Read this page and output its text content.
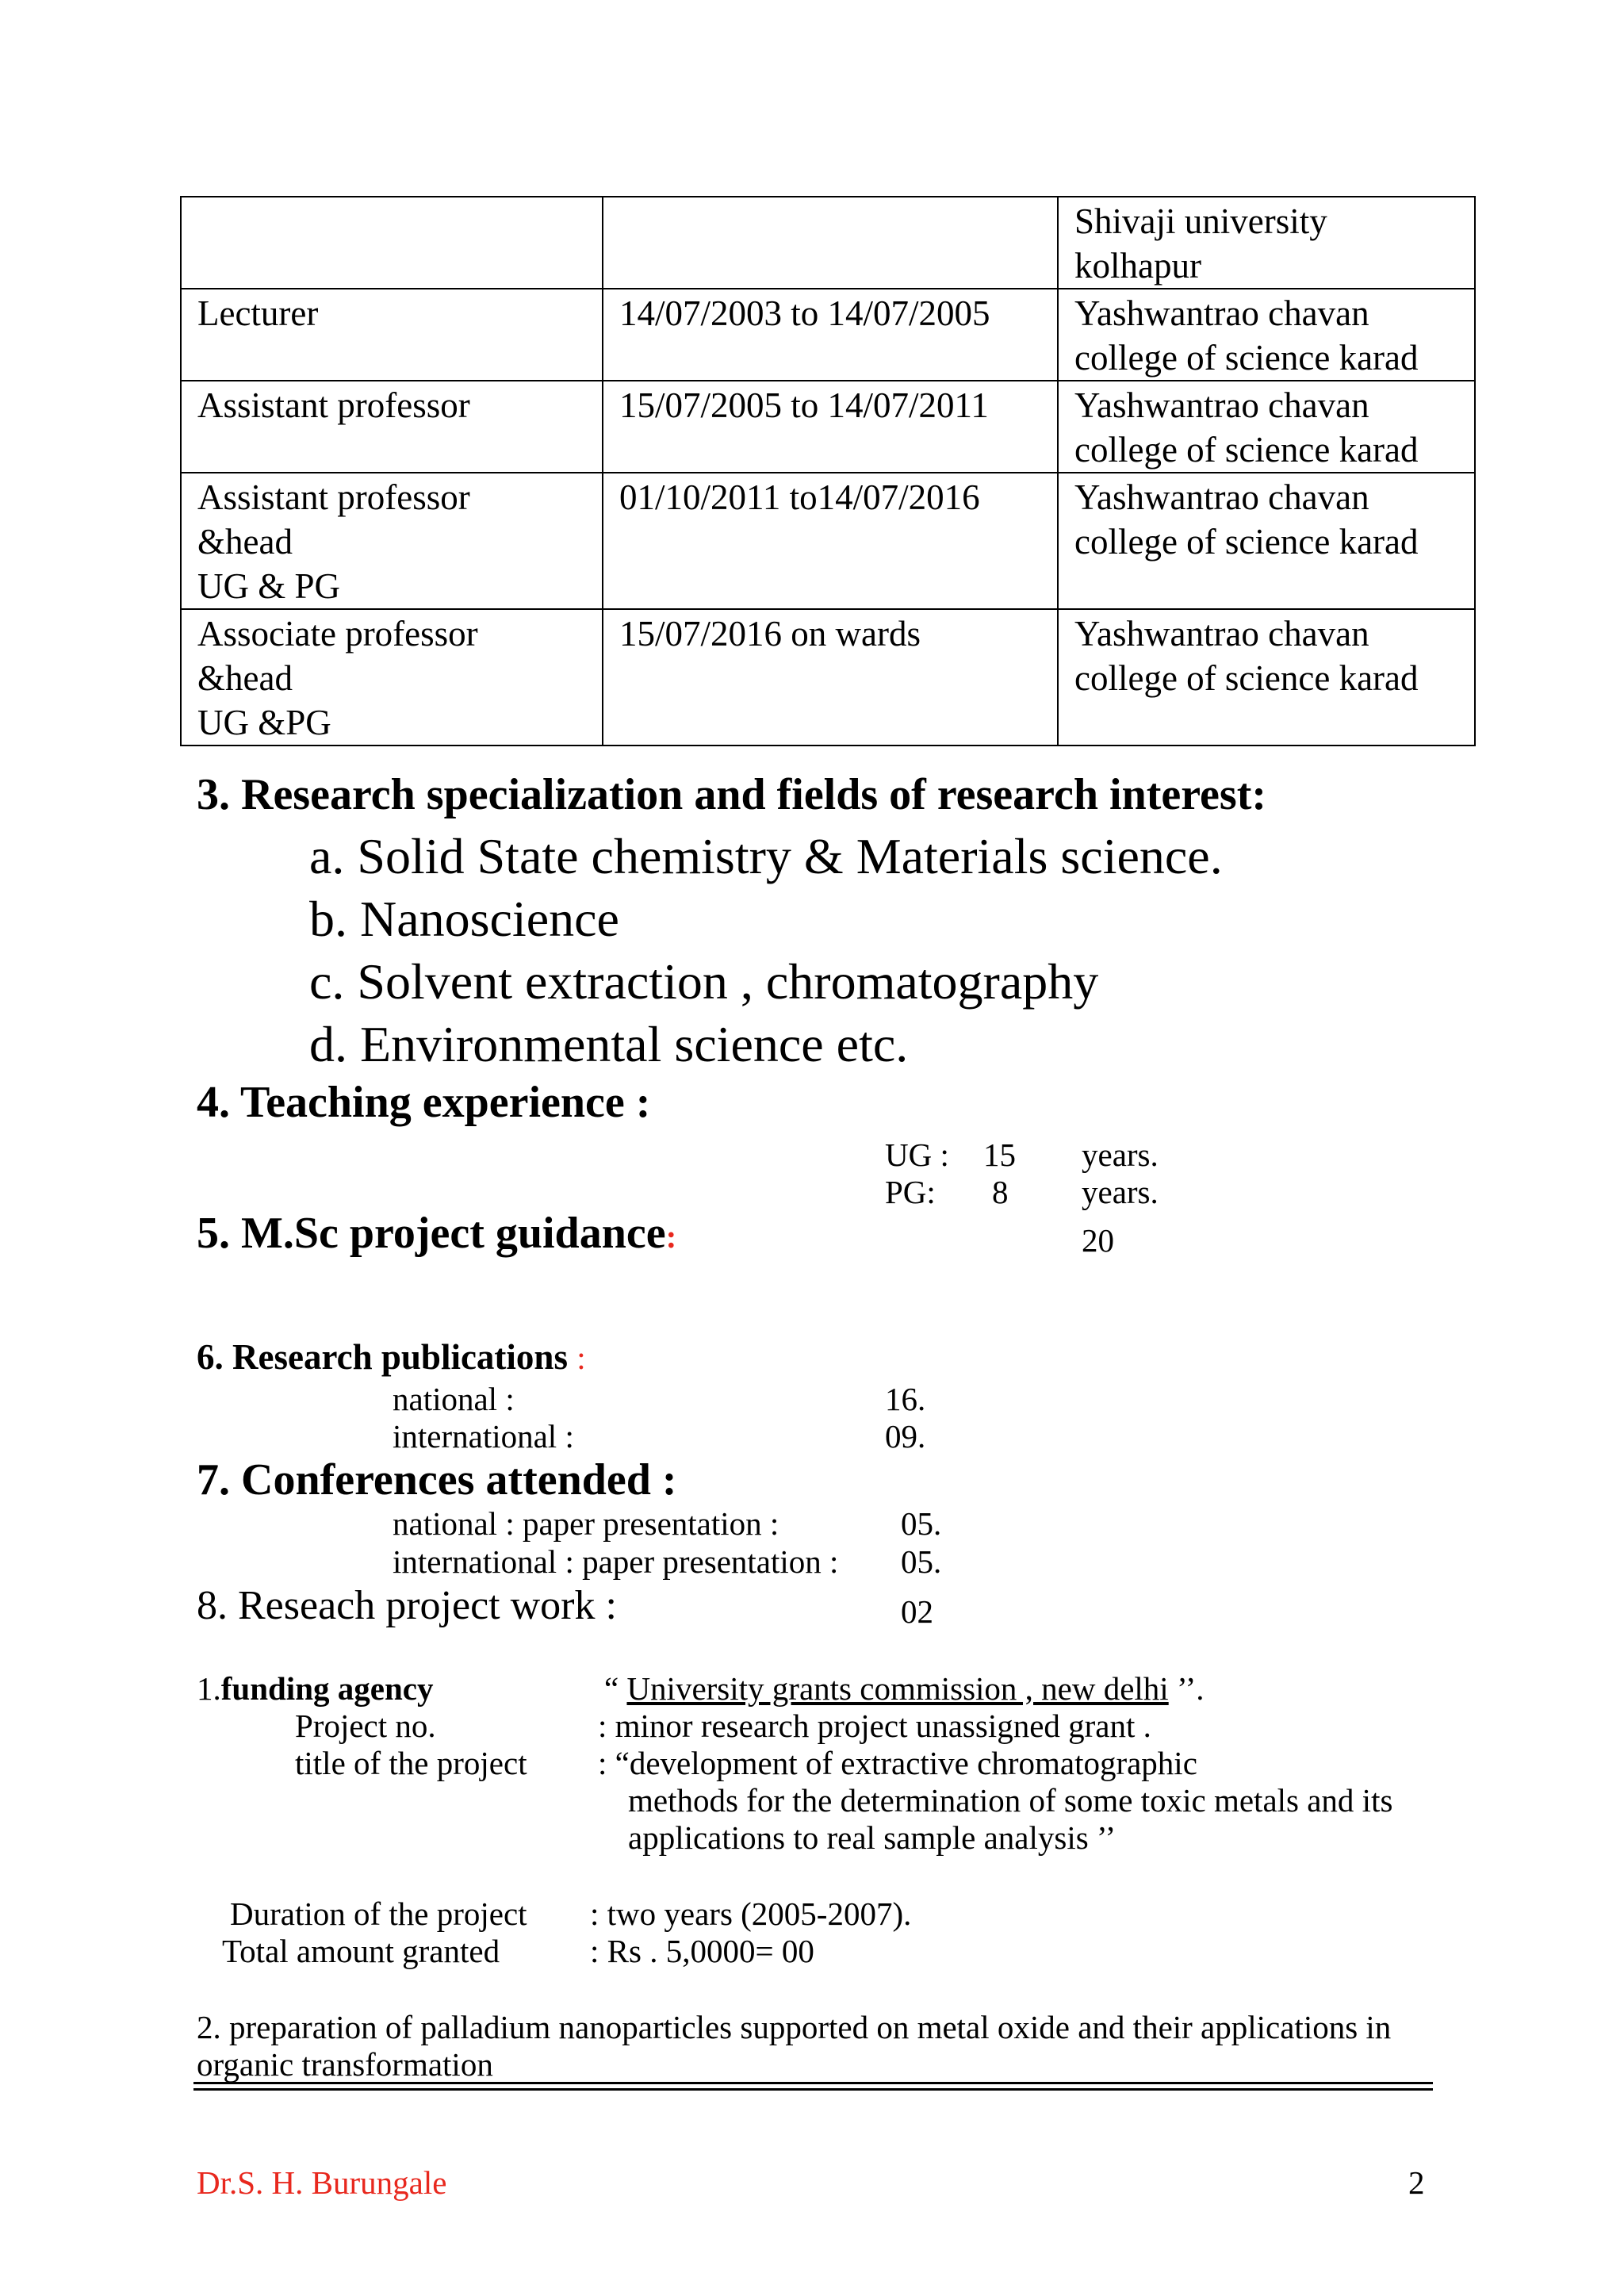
		Shivaji university
kolhapur

Lecturer	14/07/2003 to 14/07/2005	Yashwantrao chavan
college of science karad

Assistant professor	15/07/2005 to 14/07/2011	Yashwantrao chavan
college of science karad

Assistant professor
&head
UG & PG	01/10/2011 to14/07/2016	Yashwantrao chavan
college of science karad

Associate professor
&head
UG &PG	15/07/2016 on wards	Yashwantrao chavan
college of science karad
3. Research specialization and fields of research interest:
a. Solid State chemistry & Materials science.
b. Nanoscience
c. Solvent extraction , chromatography
d. Environmental science etc.
4. Teaching experience :
UG : 15 years.
PG: 8 years.
5. M.Sc project guidance:	20
6. Research publications :
national :	16.
international :	09.
7. Conferences attended :
national : paper presentation :	05.
international : paper presentation : 05.
8. Reseach project work :	02
1.funding agency	“ University grants commission , new delhi ’’.
Project no.	: minor research project unassigned grant .
title of the project : “development of extractive chromatographic
methods for the determination of some toxic metals and its
applications to real sample analysis ’’
Duration of the project : two years (2005-2007).
Total amount granted	: Rs . 5,0000= 00
2. preparation of palladium nanoparticles supported on metal oxide and their applications in
organic transformation
Dr.S. H. Burungale	2
